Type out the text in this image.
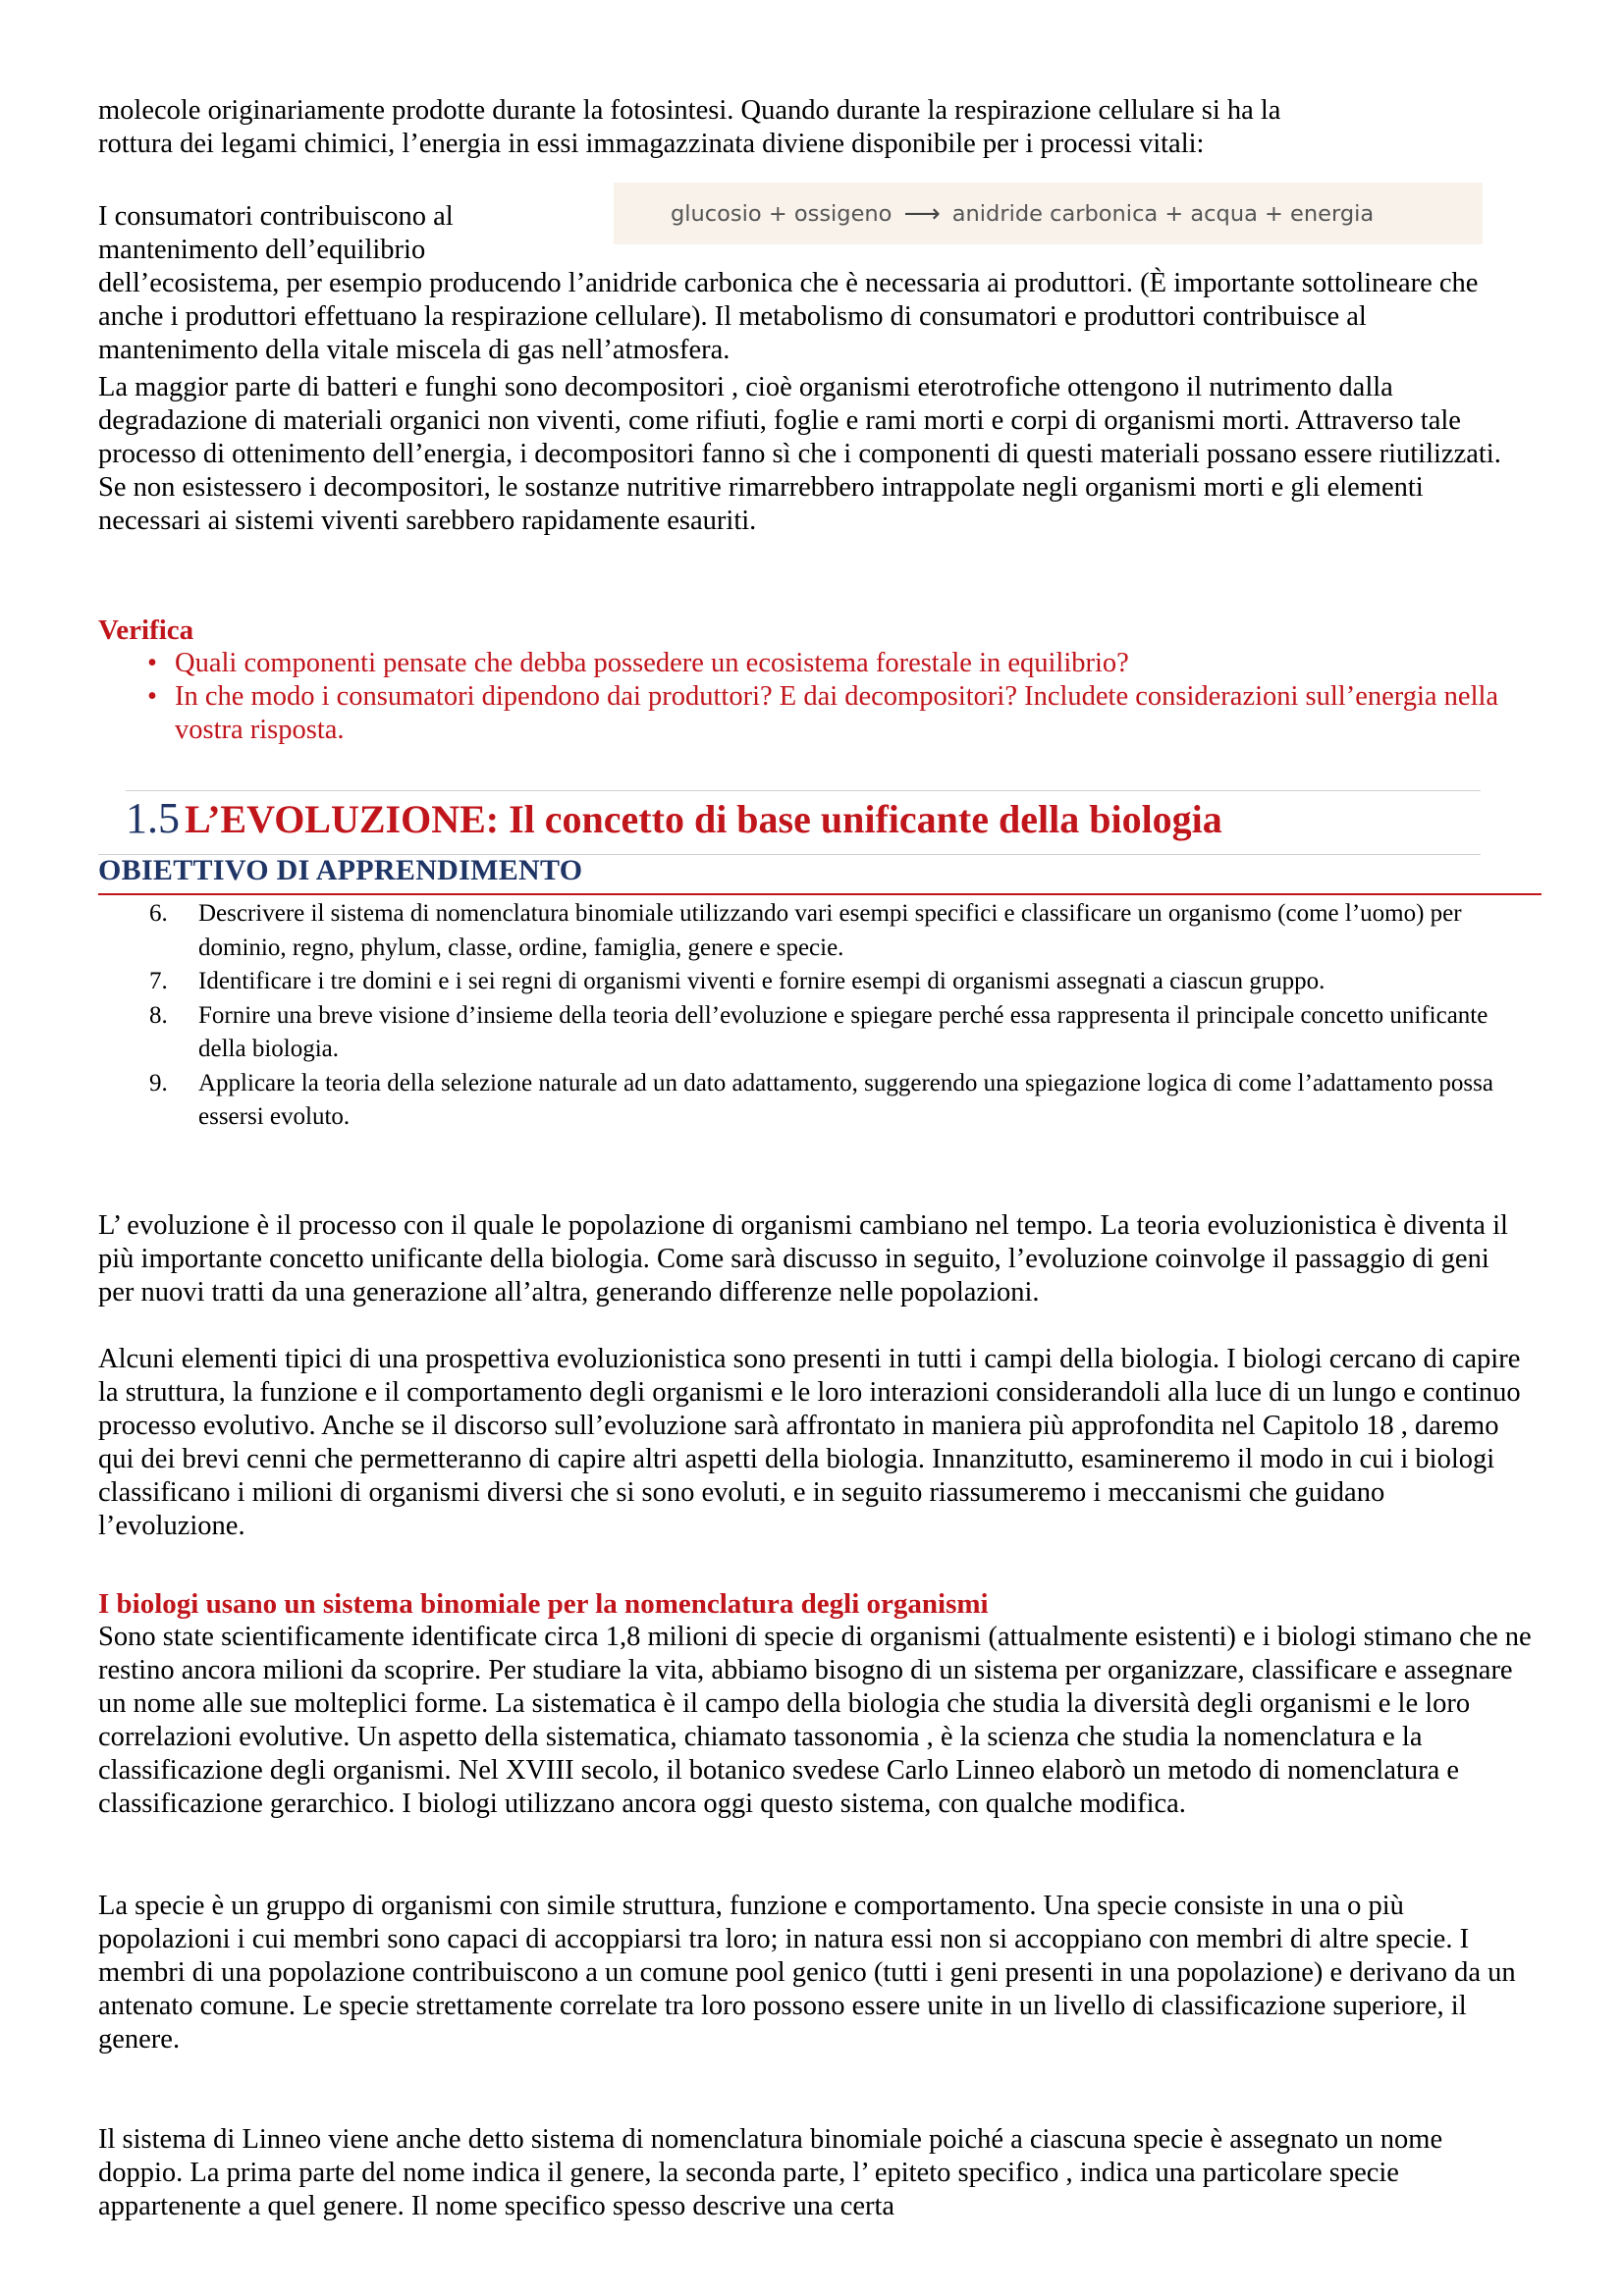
molecole originariamente prodotte durante la fotosintesi. Quando durante la respirazione cellulare si ha la
rottura dei legami chimici, l’energia in essi immagazzinata diviene disponibile per i processi vitali:

glucosio + ossigeno ⟶ anidride carbonica + acqua + energia

I consumatori contribuiscono al
mantenimento dell’equilibrio

dell’ecosistema, per esempio producendo l’anidride carbonica che è necessaria ai produttori. (È importante sottolineare che anche i produttori effettuano la respirazione cellulare). Il metabolismo di consumatori e produttori contribuisce al mantenimento della vitale miscela di gas nell’atmosfera.

La maggior parte di batteri e funghi sono decompositori , cioè organismi eterotrofiche ottengono il nutrimento dalla degradazione di materiali organici non viventi, come rifiuti, foglie e rami morti e corpi di organismi morti. Attraverso tale processo di ottenimento dell’energia, i decompositori fanno sì che i componenti di questi materiali possano essere riutilizzati. Se non esistessero i decompositori, le sostanze nutritive rimarrebbero intrappolate negli organismi morti e gli elementi necessari ai sistemi viventi sarebbero rapidamente esauriti.

Verifica

• Quali componenti pensate che debba possedere un ecosistema forestale in equilibrio?
• In che modo i consumatori dipendono dai produttori? E dai decompositori? Includete considerazioni sull’energia nella vostra risposta.
1.5 L’EVOLUZIONE: Il concetto di base unificante della biologia
OBIETTIVO DI APPRENDIMENTO
6. Descrivere il sistema di nomenclatura binomiale utilizzando vari esempi specifici e classificare un organismo (come l’uomo) per dominio, regno, phylum, classe, ordine, famiglia, genere e specie.
7. Identificare i tre domini e i sei regni di organismi viventi e fornire esempi di organismi assegnati a ciascun gruppo.
8. Fornire una breve visione d’insieme della teoria dell’evoluzione e spiegare perché essa rappresenta il principale concetto unificante della biologia.
9. Applicare la teoria della selezione naturale ad un dato adattamento, suggerendo una spiegazione logica di come l’adattamento possa essersi evoluto.

L’ evoluzione è il processo con il quale le popolazione di organismi cambiano nel tempo. La teoria evoluzionistica è diventa il più importante concetto unificante della biologia. Come sarà discusso in seguito, l’evoluzione coinvolge il passaggio di geni per nuovi tratti da una generazione all’altra, generando differenze nelle popolazioni.

Alcuni elementi tipici di una prospettiva evoluzionistica sono presenti in tutti i campi della biologia. I biologi cercano di capire la struttura, la funzione e il comportamento degli organismi e le loro interazioni considerandoli alla luce di un lungo e continuo processo evolutivo. Anche se il discorso sull’evoluzione sarà affrontato in maniera più approfondita nel Capitolo 18 , daremo qui dei brevi cenni che permetteranno di capire altri aspetti della biologia. Innanzitutto, esamineremo il modo in cui i biologi classificano i milioni di organismi diversi che si sono evoluti, e in seguito riassumeremo i meccanismi che guidano l’evoluzione.

I biologi usano un sistema binomiale per la nomenclatura degli organismi

Sono state scientificamente identificate circa 1,8 milioni di specie di organismi (attualmente esistenti) e i biologi stimano che ne restino ancora milioni da scoprire. Per studiare la vita, abbiamo bisogno di un sistema per organizzare, classificare e assegnare un nome alle sue molteplici forme. La sistematica è il campo della biologia che studia la diversità degli organismi e le loro correlazioni evolutive. Un aspetto della sistematica, chiamato tassonomia , è la scienza che studia la nomenclatura e la classificazione degli organismi. Nel XVIII secolo, il botanico svedese Carlo Linneo elaborò un metodo di nomenclatura e classificazione gerarchico. I biologi utilizzano ancora oggi questo sistema, con qualche modifica.

La specie è un gruppo di organismi con simile struttura, funzione e comportamento. Una specie consiste in una o più popolazioni i cui membri sono capaci di accoppiarsi tra loro; in natura essi non si accoppiano con membri di altre specie. I membri di una popolazione contribuiscono a un comune pool genico (tutti i geni presenti in una popolazione) e derivano da un antenato comune. Le specie strettamente correlate tra loro possono essere unite in un livello di classificazione superiore, il genere.

Il sistema di Linneo viene anche detto sistema di nomenclatura binomiale poiché a ciascuna specie è assegnato un nome doppio. La prima parte del nome indica il genere, la seconda parte, l’ epiteto specifico , indica una particolare specie appartenente a quel genere. Il nome specifico spesso descrive una certa
